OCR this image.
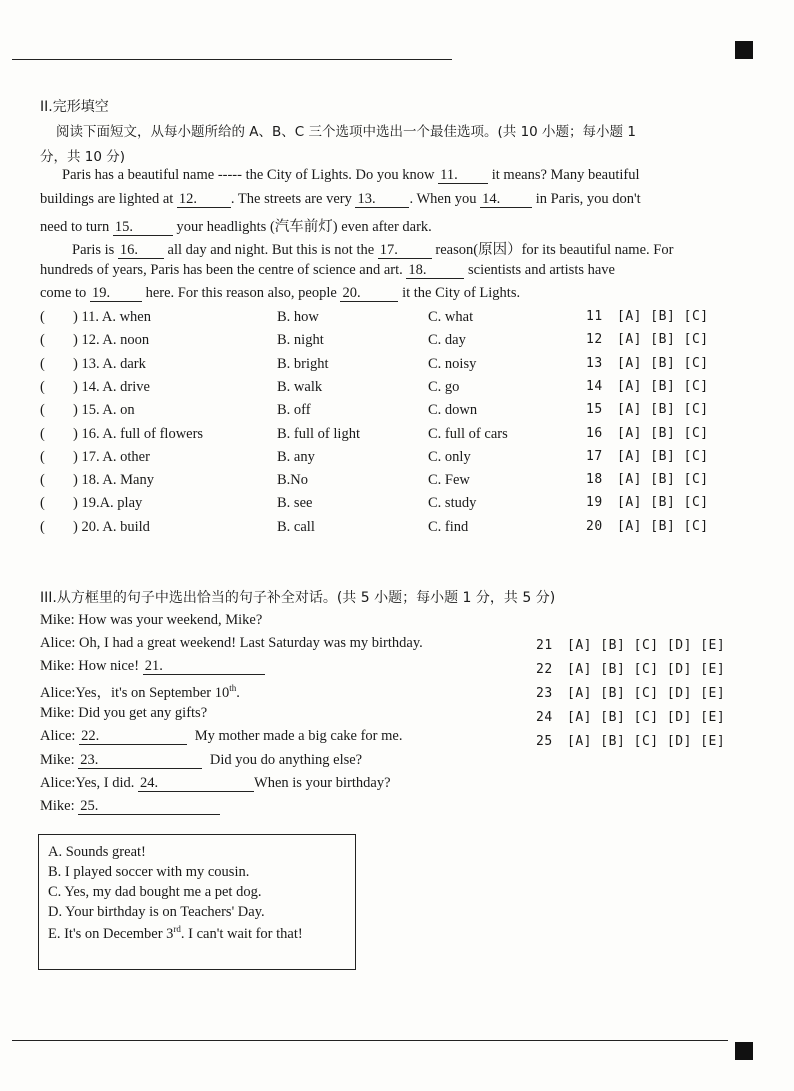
II.完形填空
阅读下面短文，从每小题所给的 A、B、C 三个选项中选出一个最佳选项。(共 10 小题；每小题 1
分，共 10 分)
Paris has a beautiful name ----- the City of Lights. Do you know 11. it means? Many beautiful
buildings are lighted at 12. . The streets are very 13. . When you 14. in Paris, you don't
need to turn 15.	your headlights (汽车前灯) even after dark.
Paris is 16. all day and night. But this is not the 17.	reason(原因）for its beautiful name. For
hundreds of years, Paris has been the centre of science and art. 18.	scientists and artists have
come to 19. here. For this reason also, people 20.	it the City of Lights.
( ) 11. A. when	B. how	C. what	11 [A] [B] [C]
( ) 12. A. noon	B. night	C. day	12 [A] [B] [C]
( ) 13. A. dark	B. bright	C. noisy	13 [A] [B] [C]
( ) 14. A. drive	B. walk	C. go	14 [A] [B] [C]
( ) 15. A. on	B. off	C. down	15 [A] [B] [C]
( ) 16. A. full of flowers	B. full of light	C. full of cars	16 [A] [B] [C]
( ) 17. A. other	B. any	C. only	17 [A] [B] [C]
( ) 18. A. Many	B.No	C. Few	18 [A] [B] [C]
( ) 19.A. play	B. see	C. study	19 [A] [B] [C]
( ) 20. A. build	B. call	C. find	20 [A] [B] [C]
III.从方框里的句子中选出恰当的句子补全对话。(共 5 小题；每小题 1 分，共 5 分)
Mike: How was your weekend, Mike?
Alice: Oh, I had a great weekend! Last Saturday was my birthday.
Mike: How nice! 21.
Alice:Yes，it's on September 10th.
Mike: Did you get any gifts?
Alice: 22.	My mother made a big cake for me.
Mike: 23.	Did you do anything else?
Alice:Yes, I did. 24.	When is your birthday?
Mike: 25.
21 [A] [B] [C] [D] [E]
22 [A] [B] [C] [D] [E]
23 [A] [B] [C] [D] [E]
24 [A] [B] [C] [D] [E]
25 [A] [B] [C] [D] [E]
A. Sounds great!
B. I played soccer with my cousin.
C. Yes, my dad bought me a pet dog.
D. Your birthday is on Teachers' Day.
E. It's on December 3rd. I can't wait for that!
